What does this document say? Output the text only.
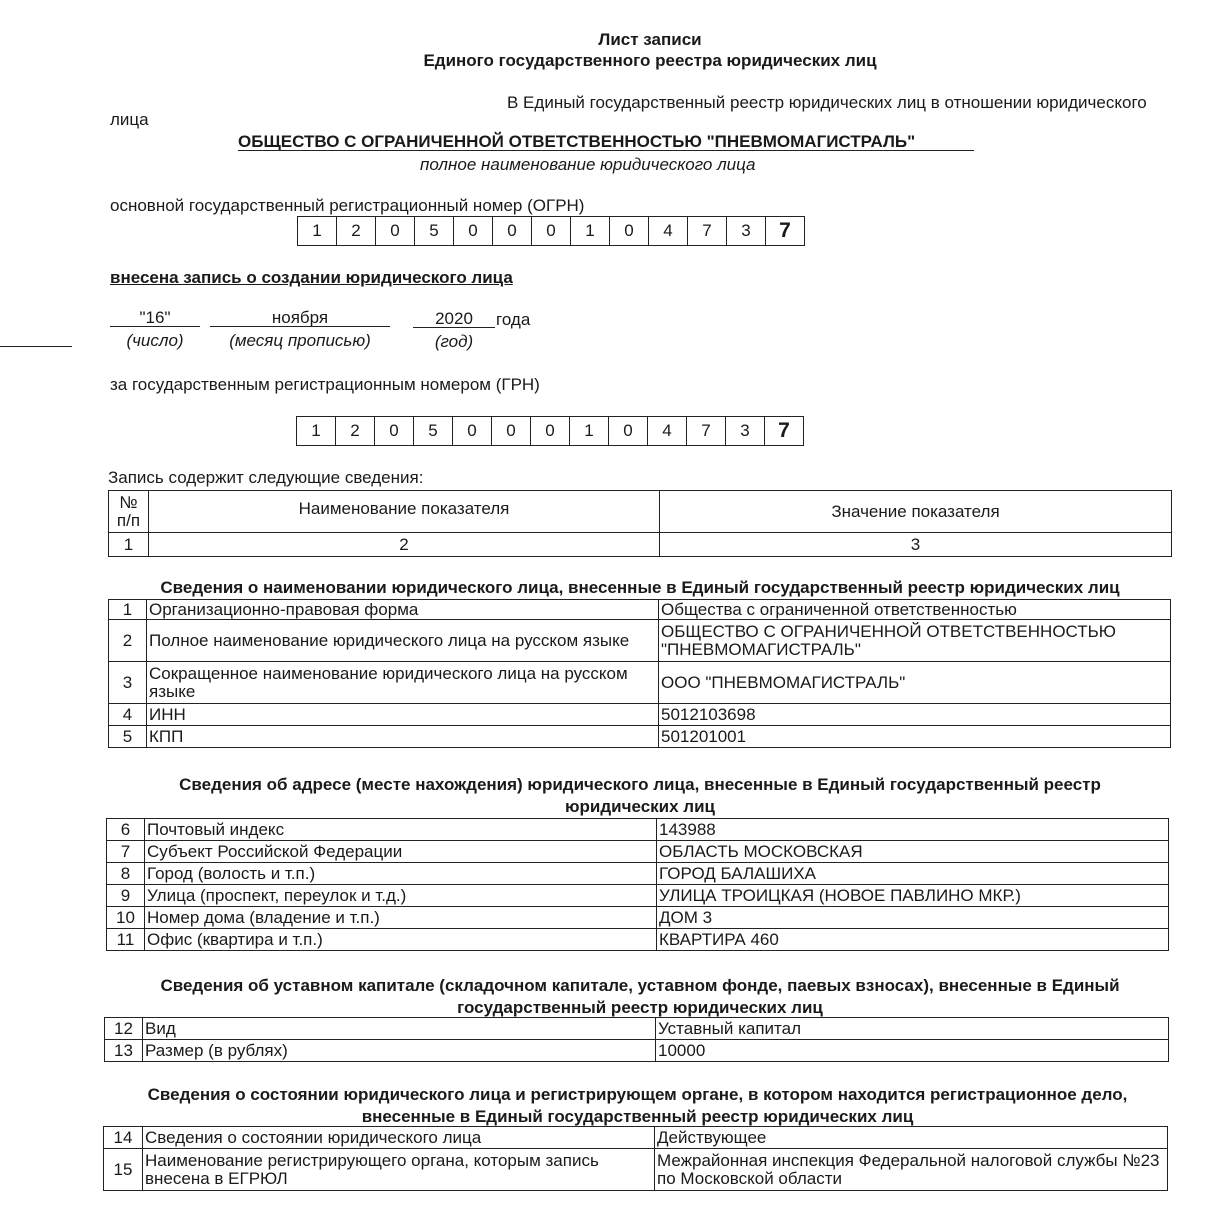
Лист записи
Единого государственного реестра юридических лиц
В Единый государственный реестр юридических лиц в отношении юридического
лица
ОБЩЕСТВО С ОГРАНИЧЕННОЙ ОТВЕТСТВЕННОСТЬЮ "ПНЕВМОМАГИСТРАЛЬ"
полное наименование юридического лица
основной государственный регистрационный номер (ОГРН)
1	2	0	5	0	0	0	1	0	4	7	3	7
внесена запись о создании юридического лица
"16"
(число)
ноября
(месяц прописью)
2020	года
(год)
за государственным регистрационным номером (ГРН)
1	2	0	5	0	0	0	1	0	4	7	3	7
Запись содержит следующие сведения:
№ п/п	Наименование показателя	Значение показателя
1	2	3
Сведения о наименовании юридического лица, внесенные в Единый государственный реестр юридических лиц
1	Организационно-правовая форма	Общества с ограниченной ответственностью
2	Полное наименование юридического лица на русском языке	ОБЩЕСТВО С ОГРАНИЧЕННОЙ ОТВЕТСТВЕННОСТЬЮ "ПНЕВМОМАГИСТРАЛЬ"
3	Сокращенное наименование юридического лица на русском языке	ООО "ПНЕВМОМАГИСТРАЛЬ"
4	ИНН	5012103698
5	КПП	501201001
Сведения об адресе (месте нахождения) юридического лица, внесенные в Единый государственный реестр юридических лиц
6	Почтовый индекс	143988
7	Субъект Российской Федерации	ОБЛАСТЬ МОСКОВСКАЯ
8	Город (волость и т.п.)	ГОРОД БАЛАШИХА
9	Улица (проспект, переулок и т.д.)	УЛИЦА ТРОИЦКАЯ (НОВОЕ ПАВЛИНО МКР.)
10	Номер дома (владение и т.п.)	ДОМ 3
11	Офис (квартира и т.п.)	КВАРТИРА 460
Сведения об уставном капитале (складочном капитале, уставном фонде, паевых взносах), внесенные в Единый государственный реестр юридических лиц
12	Вид	Уставный капитал
13	Размер (в рублях)	10000
Сведения о состоянии юридического лица и регистрирующем органе, в котором находится регистрационное дело, внесенные в Единый государственный реестр юридических лиц
14	Сведения о состоянии юридического лица	Действующее
15	Наименование регистрирующего органа, которым запись внесена в ЕГРЮЛ	Межрайонная инспекция Федеральной налоговой службы №23 по Московской области
